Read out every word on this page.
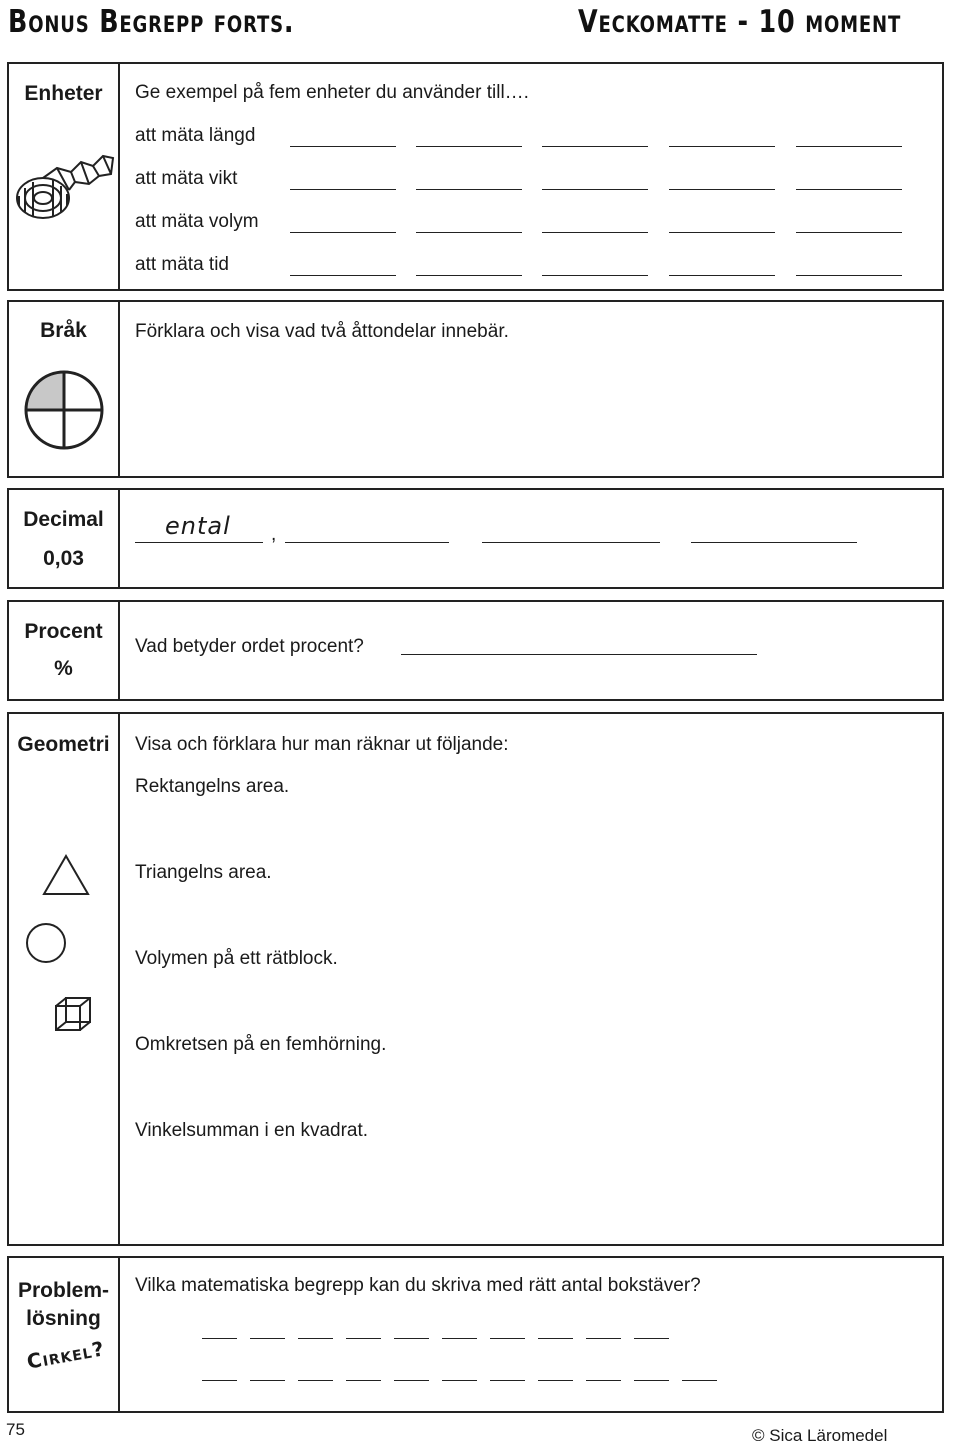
Bonus Begrepp forts.	Veckomatte - 10 moment
Enheter	Ge exempel på fem enheter du använder till….
att mäta längd
att mäta vikt
att mäta volym
att mäta tid
Bråk	Förklara och visa vad två åttondelar innebär.
Decimal
0,03
ental ,
Procent
%
Vad betyder ordet procent?
Geometri	Visa och förklara hur man räknar ut följande:
Rektangelns area.
Triangelns area.
Volymen på ett rätblock.
Omkretsen på en femhörning.
Vinkelsumman i en kvadrat.
Problem-
lösning
Cirkel?
Vilka matematiska begrepp kan du skriva med rätt antal bokstäver?
75	© Sica Läromedel
